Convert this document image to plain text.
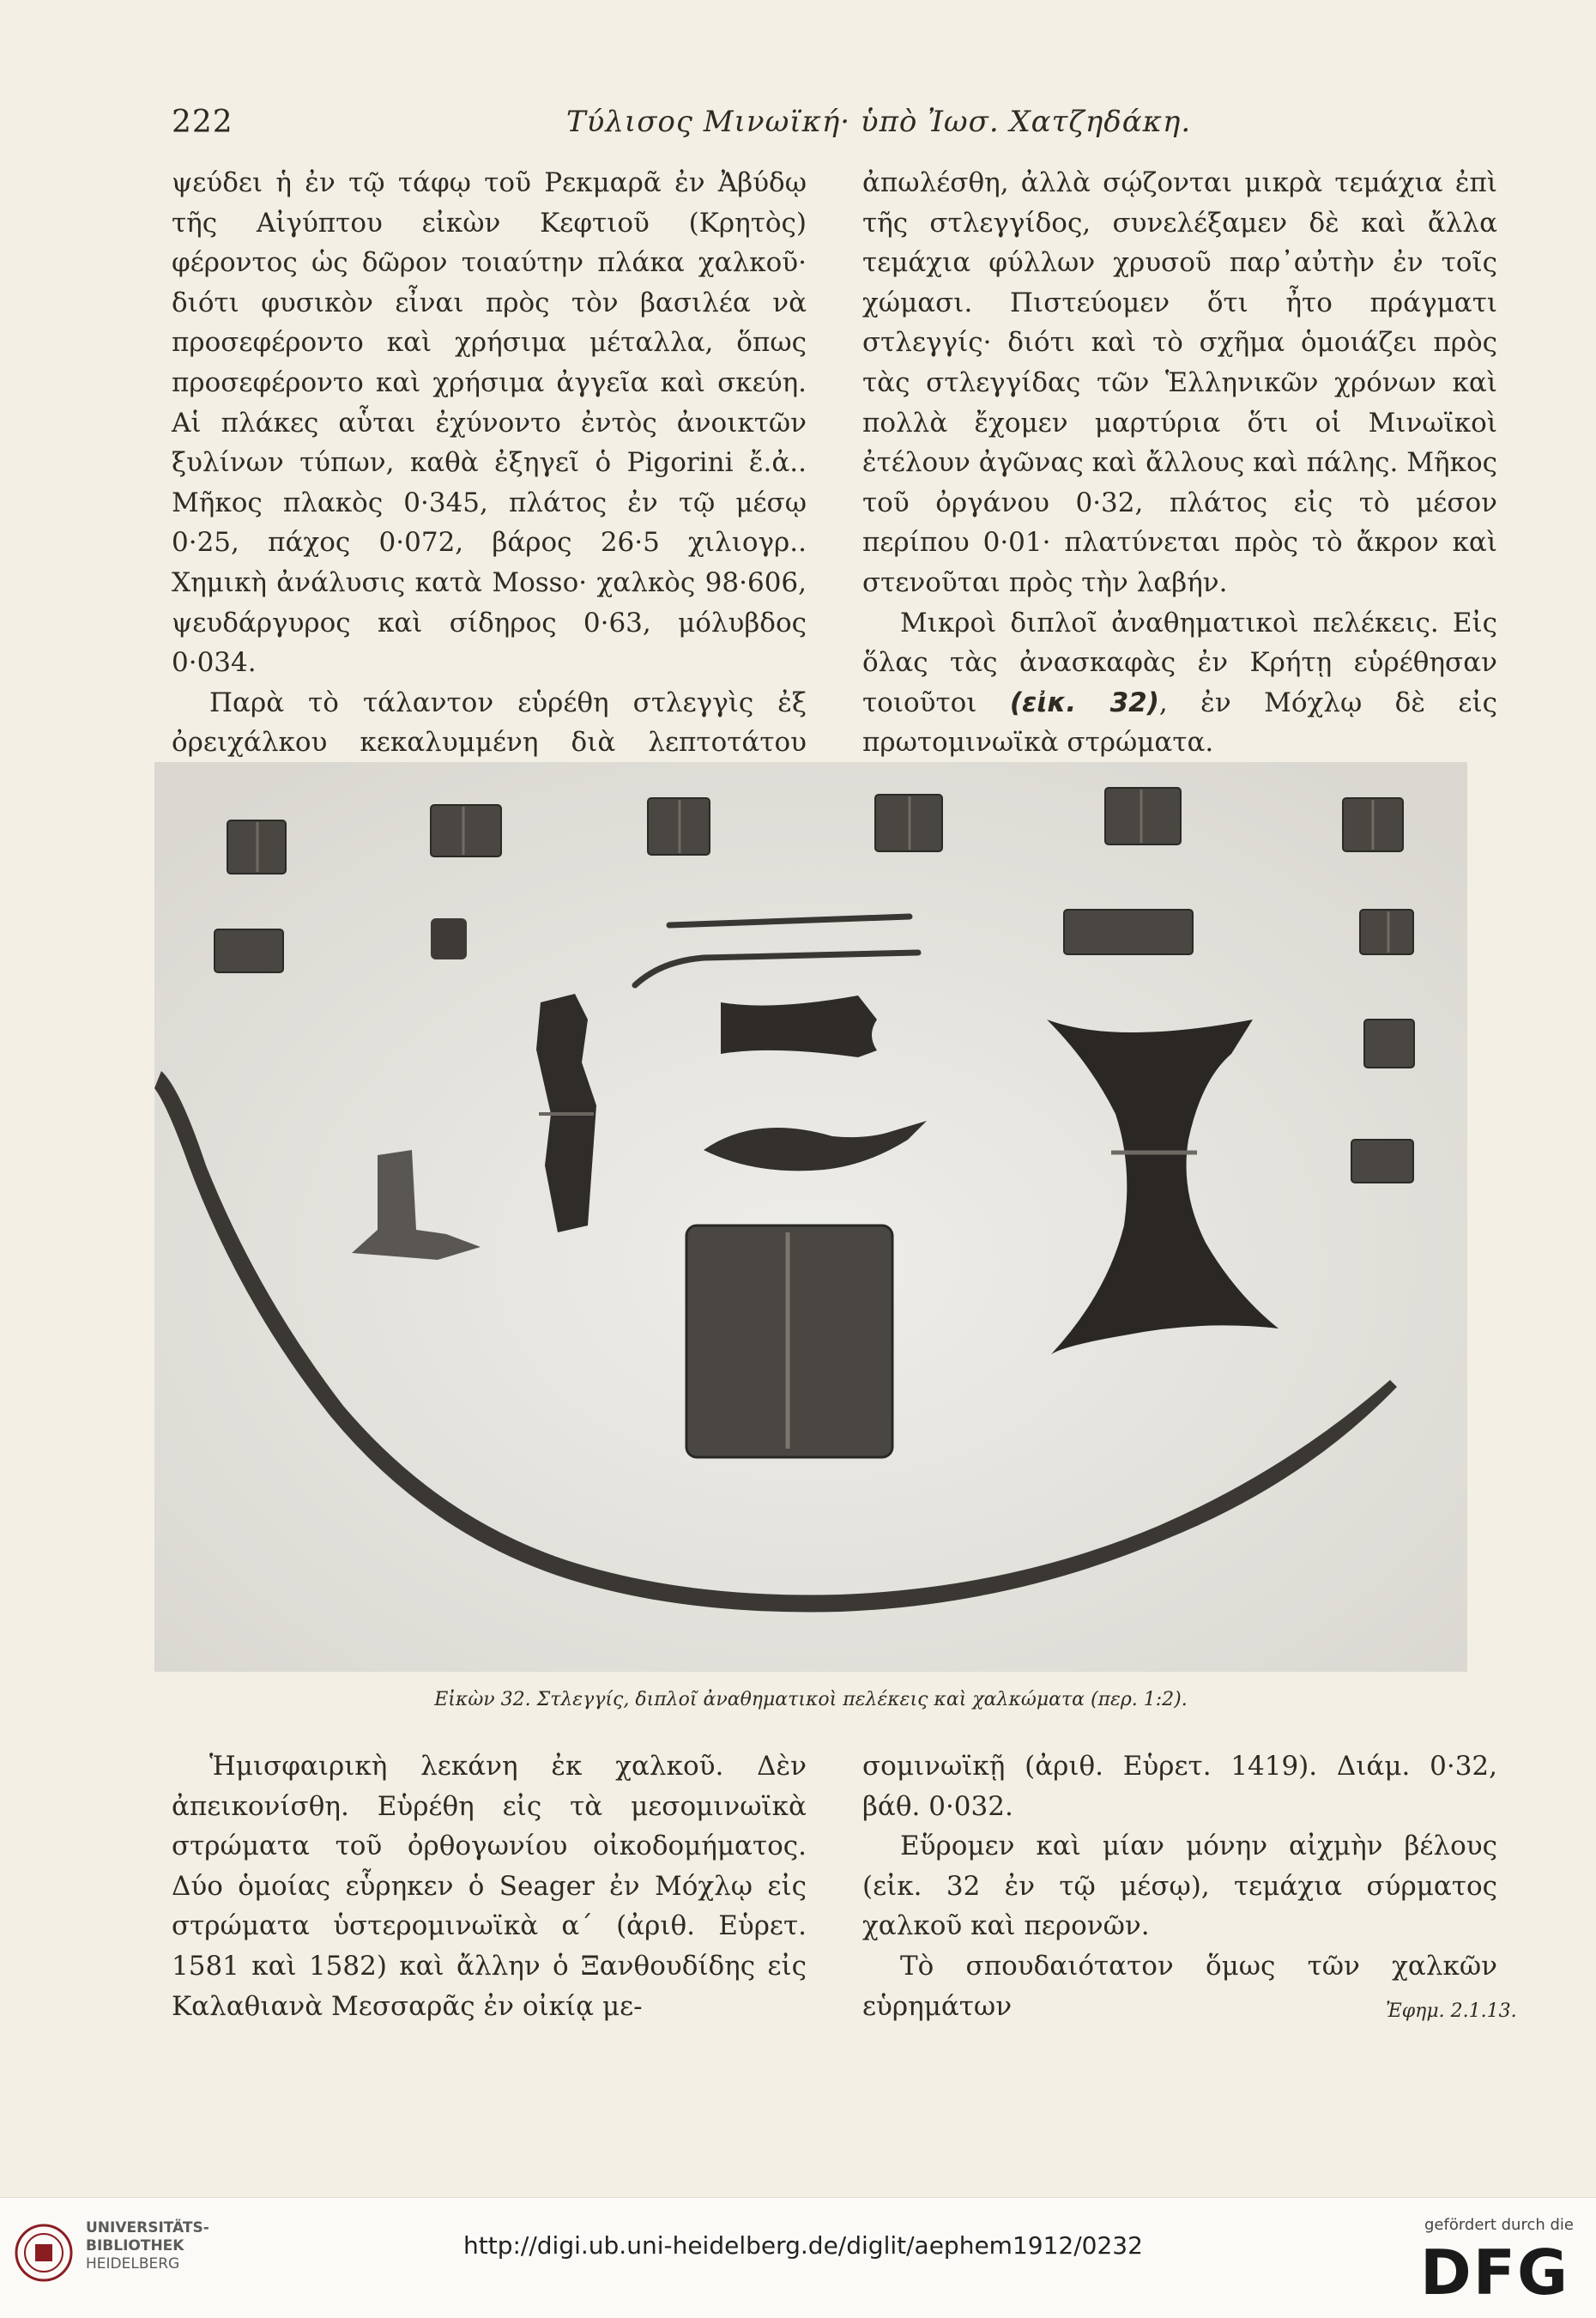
222	Τύλισος Μινωϊκή· ὑπὸ Ἰωσ. Χατζηδάκη.

ψεύδει ἡ ἐν τῷ τάφῳ τοῦ Ρεκμαρᾶ ἐν Ἀβύδῳ τῆς Αἰγύπτου εἰκὼν Κεφτιοῦ (Κρητὸς) φέροντος ὡς δῶρον τοιαύτην πλάκα χαλκοῦ· διότι φυσικὸν εἶναι πρὸς τὸν βασιλέα νὰ προσεφέροντο καὶ χρήσιμα μέταλλα, ὅπως προσεφέροντο καὶ χρήσιμα ἀγγεῖα καὶ σκεύη. Αἱ πλάκες αὗται ἐχύνοντο ἐντὸς ἀνοικτῶν ξυλίνων τύπων, καθὰ ἐξηγεῖ ὁ Pigorini ἔ.ἀ.. Μῆκος πλακὸς 0·345, πλάτος ἐν τῷ μέσῳ 0·25, πάχος 0·072, βάρος 26·5 χιλιογρ.. Χημικὴ ἀνάλυσις κατὰ Mosso· χαλκὸς 98·606, ψευδάργυρος καὶ σίδηρος 0·63, μόλυβδος 0·034.

Παρὰ τὸ τάλαντον εὑρέθη στλεγγὶς ἐξ ὀρειχάλκου κεκαλυμμένη διὰ λεπτοτάτου

ἀπωλέσθη, ἀλλὰ σῴζονται μικρὰ τεμάχια ἐπὶ τῆς στλεγγίδος, συνελέξαμεν δὲ καὶ ἄλλα τεμάχια φύλλων χρυσοῦ παρ᾽αὐτὴν ἐν τοῖς χώμασι. Πιστεύομεν ὅτι ἦτο πράγματι στλεγγίς· διότι καὶ τὸ σχῆμα ὁμοιάζει πρὸς τὰς στλεγγίδας τῶν Ἑλληνικῶν χρόνων καὶ πολλὰ ἔχομεν μαρτύρια ὅτι οἱ Μινωϊκοὶ ἐτέλουν ἀγῶνας καὶ ἄλλους καὶ πάλης. Μῆκος τοῦ ὀργάνου 0·32, πλάτος εἰς τὸ μέσον περίπου 0·01· πλατύνεται πρὸς τὸ ἄκρον καὶ στενοῦται πρὸς τὴν λαβήν.

Μικροὶ διπλοῖ ἀναθηματικοὶ πελέκεις. Εἰς ὅλας τὰς ἀνασκαφὰς ἐν Κρήτῃ εὑρέθησαν τοιοῦτοι (εἰκ. 32), ἐν Μόχλῳ δὲ εἰς πρωτομινωϊκὰ στρώματα.

Εἰκὼν 32. Στλεγγίς, διπλοῖ ἀναθηματικοὶ πελέκεις καὶ χαλκώματα (περ. 1:2).

Ἡμισφαιρικὴ λεκάνη ἐκ χαλκοῦ. Δὲν ἀπεικονίσθη. Εὑρέθη εἰς τὰ μεσομινωϊκὰ στρώματα τοῦ ὀρθογωνίου οἰκοδομήματος. Δύο ὁμοίας εὗρηκεν ὁ Seager ἐν Μόχλῳ εἰς στρώματα ὑστερομινωϊκὰ α´ (ἀριθ. Εὑρετ. 1581 καὶ 1582) καὶ ἄλλην ὁ Ξανθουδίδης εἰς Καλαθιανὰ Μεσσαρᾶς ἐν οἰκίᾳ με-

σομινωϊκῇ (ἀριθ. Εὑρετ. 1419). Διάμ. 0·32, βάθ. 0·032.

Εὕρομεν καὶ μίαν μόνην αἰχμὴν βέλους (εἰκ. 32 ἐν τῷ μέσῳ), τεμάχια σύρματος χαλκοῦ καὶ περονῶν.

Τὸ σπουδαιότατον ὅμως τῶν χαλκῶν εὑρημάτων	Ἐφημ. 2.1.13.
UNIVERSITÄTS-
BIBLIOTHEK
HEIDELBERG
http://digi.ub.uni-heidelberg.de/diglit/aephem1912/0232
gefördert durch die
DFG
